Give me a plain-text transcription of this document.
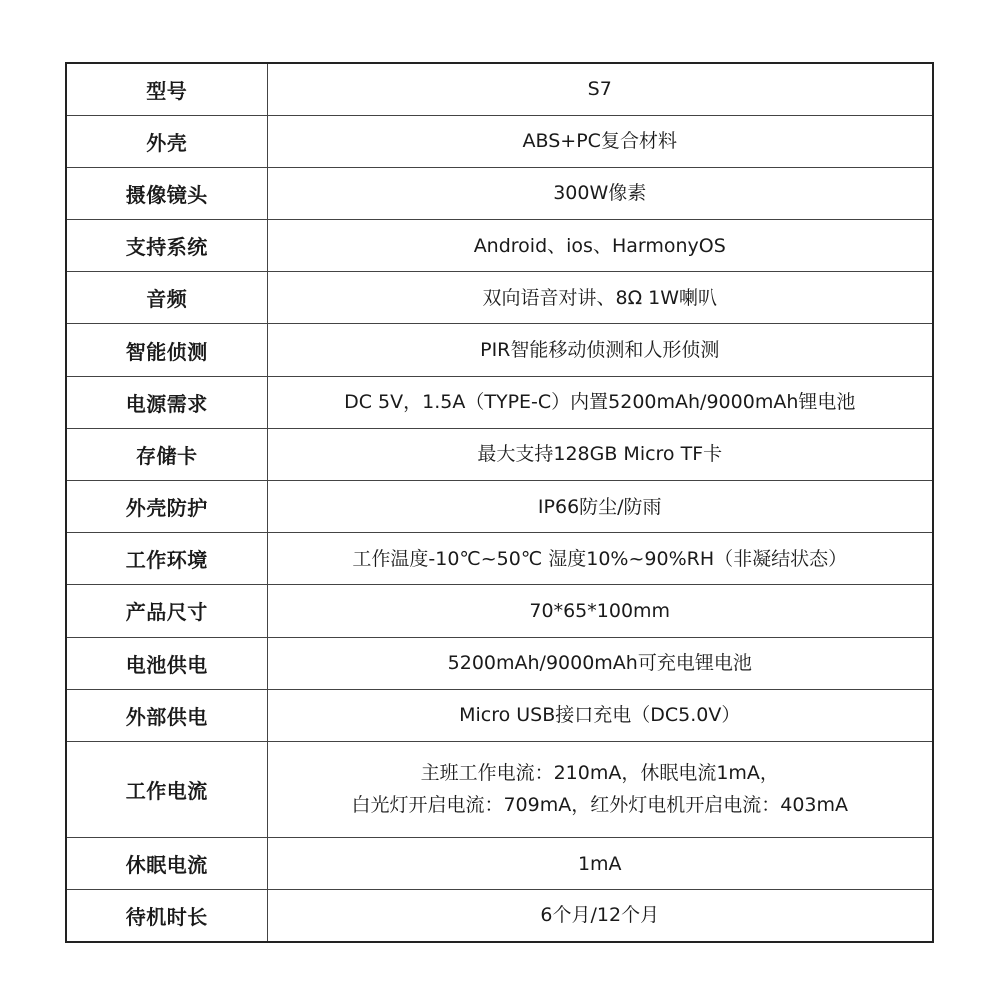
型号	S7
外壳	ABS+PC复合材料
摄像镜头	300W像素
支持系统	Android、ios、HarmonyOS
音频	双向语音对讲、8Ω 1W喇叭
智能侦测	PIR智能移动侦测和人形侦测
电源需求	DC 5V，1.5A（TYPE-C）内置5200mAh/9000mAh锂电池
存储卡	最大支持128GB Micro TF卡
外壳防护	IP66防尘/防雨
工作环境	工作温度-10℃~50℃ 湿度10%~90%RH（非凝结状态）
产品尺寸	70*65*100mm
电池供电	5200mAh/9000mAh可充电锂电池
外部供电	Micro USB接口充电（DC5.0V）
工作电流	主班工作电流：210mA，休眠电流1mA，
白光灯开启电流：709mA，红外灯电机开启电流：403mA

休眠电流	1mA
待机时长	6个月/12个月
